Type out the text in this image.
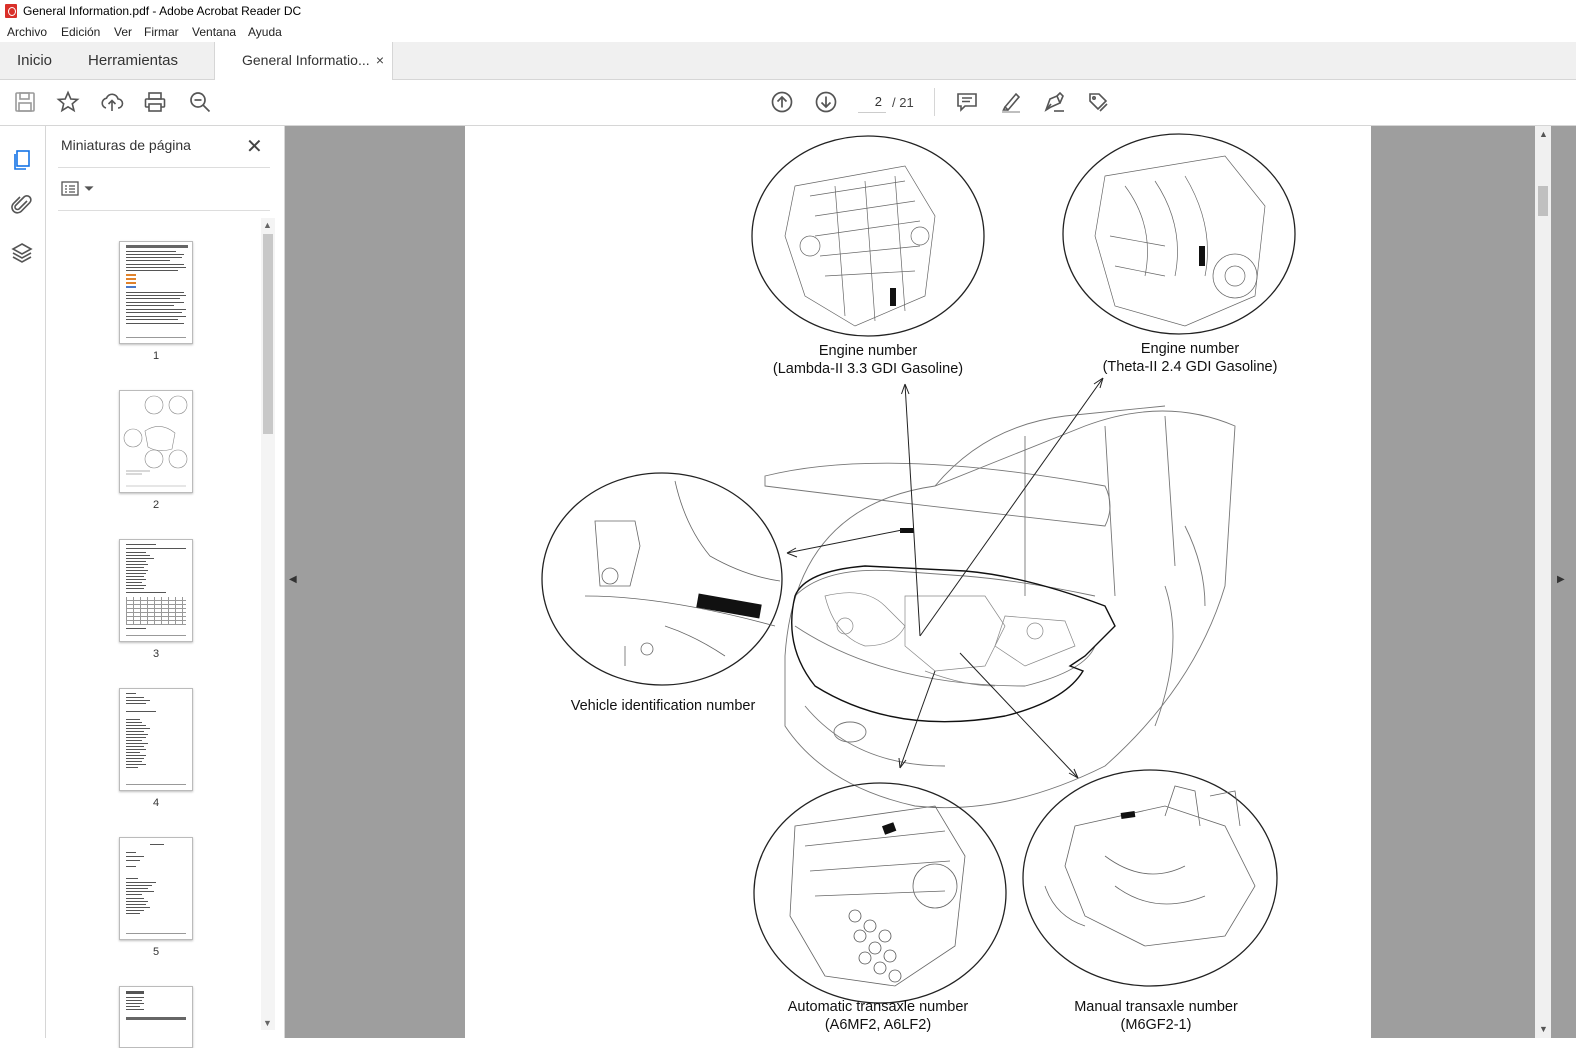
General Information.pdf - Adobe Acrobat Reader DC
Archivo Edición Ver Firmar Ventana Ayuda
Inicio Herramientas	General Informatio... ×
2
/ 21
Miniaturas de página	✕
1
2
3
4
5
▲
▼
◀
Engine number
(Lambda-II 3.3 GDI Gasoline)
Engine number
(Theta-II 2.4 GDI Gasoline)
Vehicle identification number
Automatic transaxle number
(A6MF2, A6LF2)
Manual transaxle number
(M6GF2-1)
▲
▼
▶
